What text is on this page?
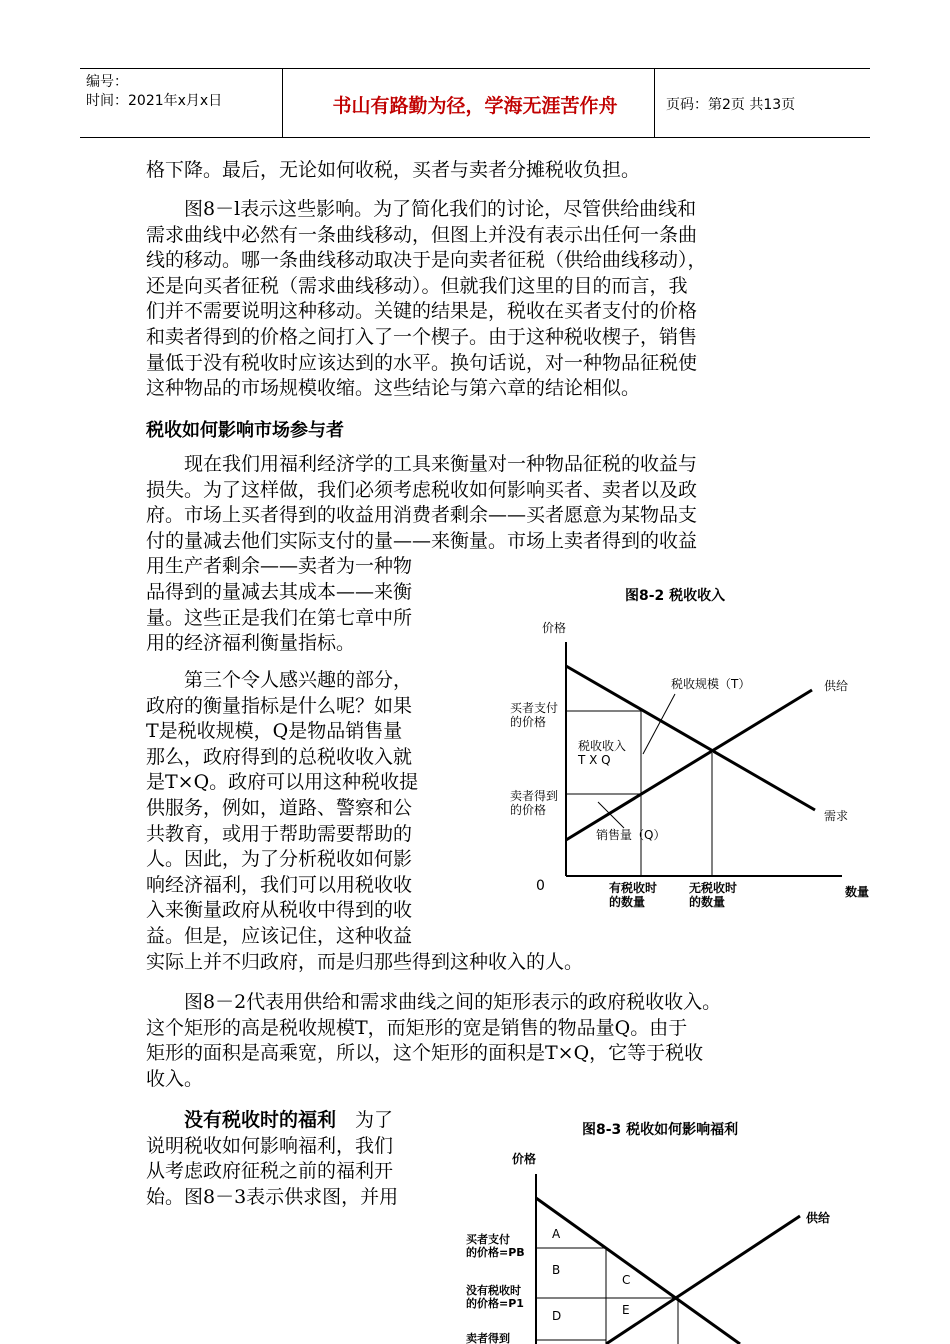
编号：
时间：2021年x月x日	书山有路勤为径，学海无涯苦作舟	页码：第2页 共13页
格下降。最后，无论如何收税，买者与卖者分摊税收负担。
　　图8－l表示这些影响。为了简化我们的讨论，尽管供给曲线和
需求曲线中必然有一条曲线移动，但图上并没有表示出任何一条曲
线的移动。哪一条曲线移动取决于是向卖者征税（供给曲线移动），
还是向买者征税（需求曲线移动）。但就我们这里的目的而言，我
们并不需要说明这种移动。关键的结果是，税收在买者支付的价格
和卖者得到的价格之间打入了一个楔子。由于这种税收楔子，销售
量低于没有税收时应该达到的水平。换句话说，对一种物品征税使
这种物品的市场规模收缩。这些结论与第六章的结论相似。
税收如何影响市场参与者
　　现在我们用福利经济学的工具来衡量对一种物品征税的收益与
损失。为了这样做，我们必须考虑税收如何影响买者、卖者以及政
府。市场上买者得到的收益用消费者剩余——买者愿意为某物品支
付的量减去他们实际支付的量——来衡量。市场上卖者得到的收益
用生产者剩余——卖者为一种物
品得到的量减去其成本——来衡
量。这些正是我们在第七章中所
用的经济福利衡量指标。
　　第三个令人感兴趣的部分，
政府的衡量指标是什么呢？如果
T是税收规模，Q是物品销售量
那么，政府得到的总税收收入就
是T×Q。政府可以用这种税收提
供服务，例如，道路、警察和公
共教育，或用于帮助需要帮助的
人。因此，为了分析税收如何影
响经济福利，我们可以用税收收
入来衡量政府从税收中得到的收
益。但是，应该记住，这种收益
实际上并不归政府，而是归那些得到这种收入的人。
　　图8－2代表用供给和需求曲线之间的矩形表示的政府税收收入。
这个矩形的高是税收规模T，而矩形的宽是销售的物品量Q。由于
矩形的面积是高乘宽，所以，这个矩形的面积是T×Q，它等于税收
收入。
　　没有税收时的福利　 为了
说明税收如何影响福利，我们
从考虑政府征税之前的福利开
始。图8－3表示供求图，并用
图8-2 税收收入
价格
0	数量
买者支付的价格
卖者得到的价格
税收规模（T）
税收收入 T X Q
销售量（Q）
供给
需求
有税收时的数量
无税收时的数量
图8-3 税收如何影响福利
价格
A
B
C
D	E
买者支付的价格=PB
没有税收时的价格=P1
卖者得到
供给
